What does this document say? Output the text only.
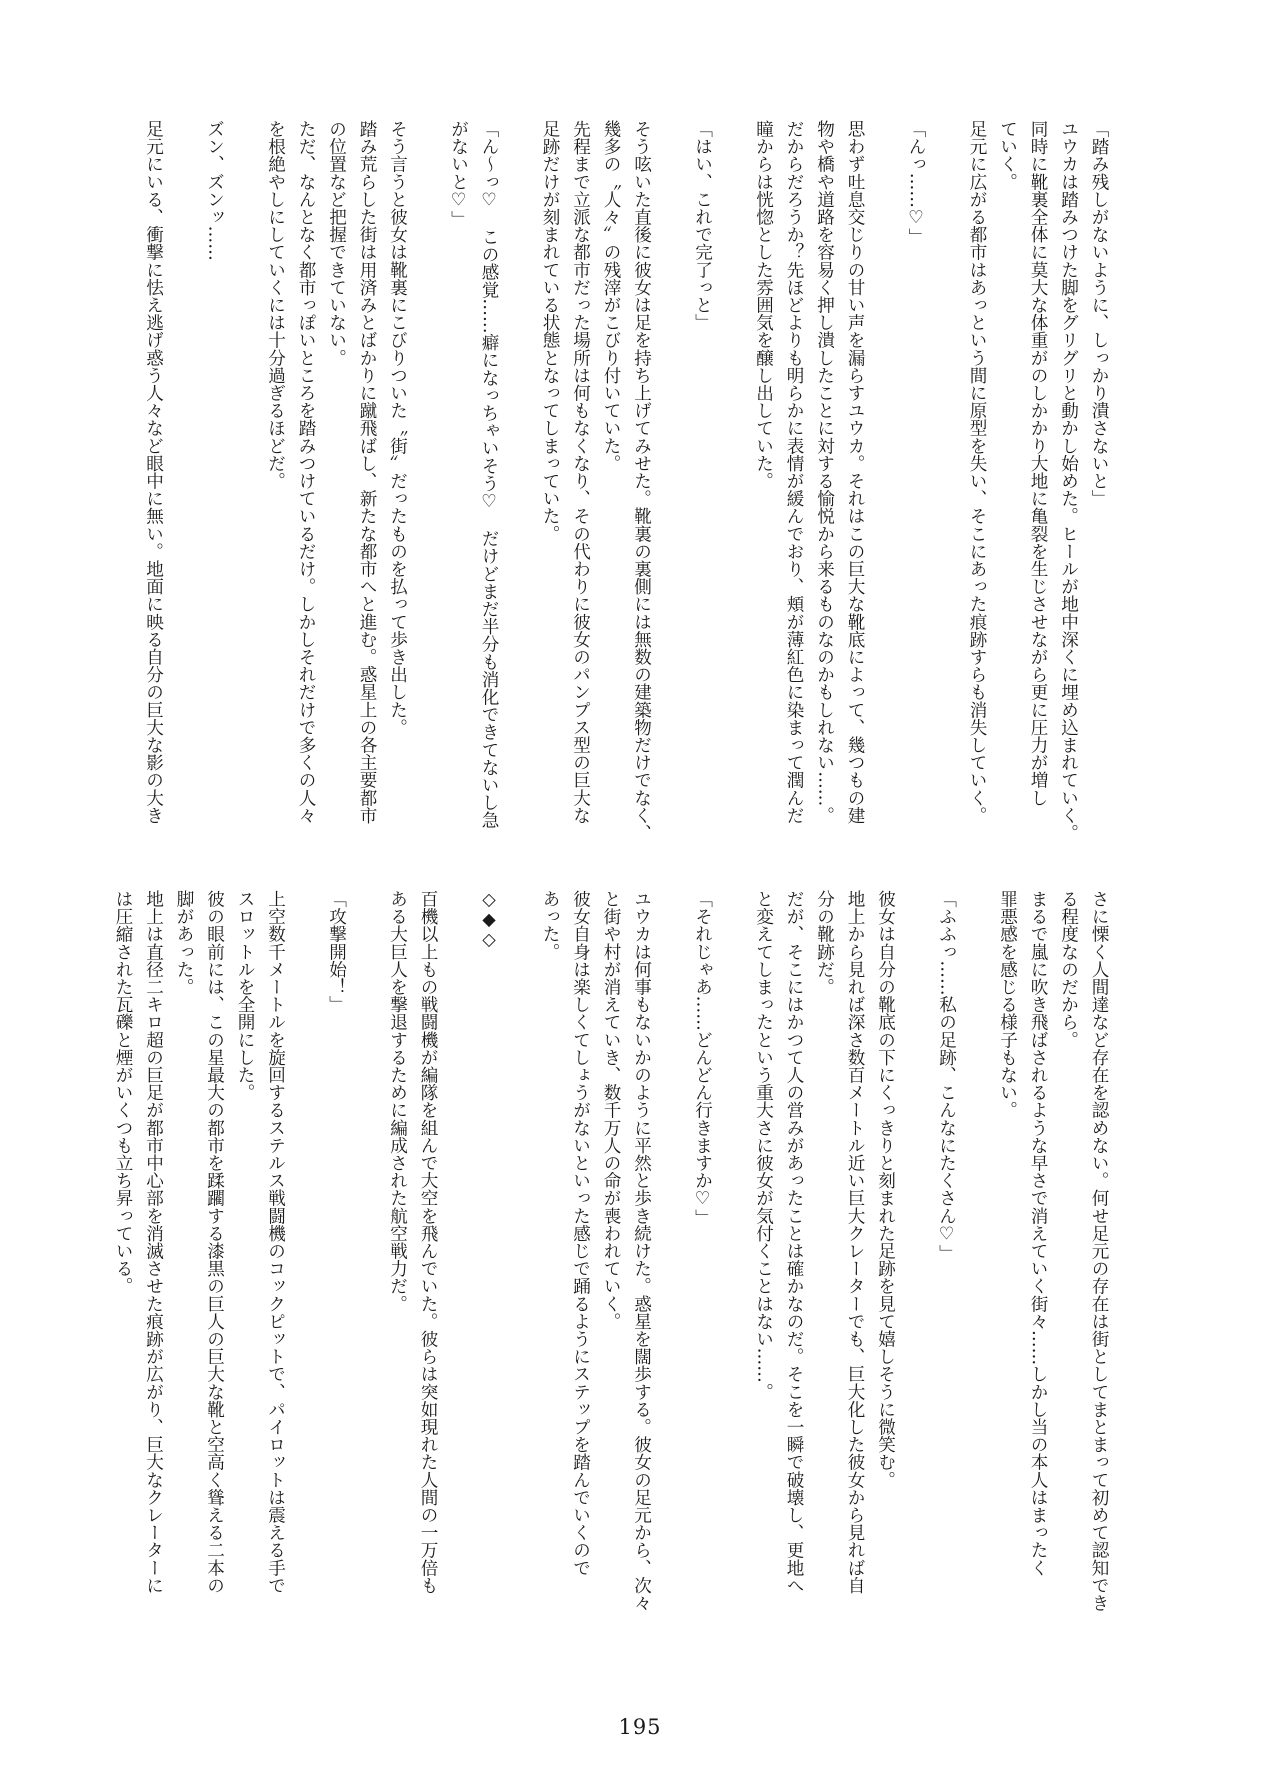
「踏み残しがないように、しっかり潰さないと」

ユウカは踏みつけた脚をグリグリと動かし始めた。ヒールが地中深くに埋め込まれていく。

同時に靴裏全体に莫大な体重がのしかかり大地に亀裂を生じさせながら更に圧力が増し

ていく。

足元に広がる都市はあっという間に原型を失い、そこにあった痕跡すらも消失していく。

「んっ……♡」

思わず吐息交じりの甘い声を漏らすユウカ。それはこの巨大な靴底によって、幾つもの建

物や橋や道路を容易く押し潰したことに対する愉悦から来るものなのかもしれない……。

だからだろうか？先ほどよりも明らかに表情が緩んでおり、頬が薄紅色に染まって潤んだ

瞳からは恍惚とした雰囲気を醸し出していた。

「はい、これで完了っと」

そう呟いた直後に彼女は足を持ち上げてみせた。靴裏の裏側には無数の建築物だけでなく、

幾多の〝人々〟の残滓がこびり付いていた。

先程まで立派な都市だった場所は何もなくなり、その代わりに彼女のパンプス型の巨大な

足跡だけが刻まれている状態となってしまっていた。

「ん～っ♡　この感覚……癖になっちゃいそう♡　だけどまだ半分も消化できてないし急

がないと♡」

そう言うと彼女は靴裏にこびりついた〝街〟だったものを払って歩き出した。

踏み荒らした街は用済みとばかりに蹴飛ばし、新たな都市へと進む。惑星上の各主要都市

の位置など把握できていない。

ただ、なんとなく都市っぽいところを踏みつけているだけ。しかしそれだけで多くの人々

を根絶やしにしていくには十分過ぎるほどだ。

ズン、ズンッ……

足元にいる、衝撃に怯え逃げ惑う人々など眼中に無い。地面に映る自分の巨大な影の大き

さに慄く人間達など存在を認めない。何せ足元の存在は街としてまとまって初めて認知でき

る程度なのだから。

まるで嵐に吹き飛ばされるような早さで消えていく街々……しかし当の本人はまったく

罪悪感を感じる様子もない。

「ふふっ……私の足跡、こんなにたくさん♡」

彼女は自分の靴底の下にくっきりと刻まれた足跡を見て嬉しそうに微笑む。

地上から見れば深さ数百メートル近い巨大クレーターでも、巨大化した彼女から見れば自

分の靴跡だ。

だが、そこにはかつて人の営みがあったことは確かなのだ。そこを一瞬で破壊し、更地へ

と変えてしまったという重大さに彼女が気付くことはない……。

「それじゃあ……どんどん行きますか♡」

ユウカは何事もないかのように平然と歩き続けた。惑星を闊歩する。彼女の足元から、次々

と街や村が消えていき、数千万人の命が喪われていく。

彼女自身は楽しくてしょうがないといった感じで踊るようにステップを踏んでいくので

あった。

◇◆◇

百機以上もの戦闘機が編隊を組んで大空を飛んでいた。彼らは突如現れた人間の一万倍も

ある大巨人を撃退するために編成された航空戦力だ。

「攻撃開始！」

上空数千メートルを旋回するステルス戦闘機のコックピットで、パイロットは震える手で

スロットルを全開にした。

彼の眼前には、この星最大の都市を蹂躙する漆黒の巨人の巨大な靴と空高く聳える二本の

脚があった。

地上は直径二キロ超の巨足が都市中心部を消滅させた痕跡が広がり、巨大なクレーターに

は圧縮された瓦礫と煙がいくつも立ち昇っている。

195
